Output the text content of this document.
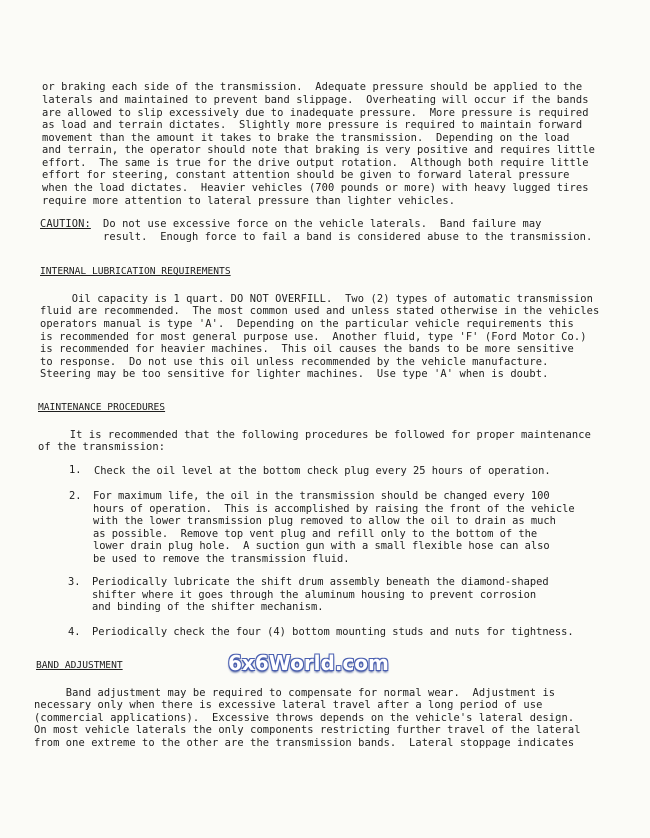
or braking each side of the transmission.  Adequate pressure should be applied to the
laterals and maintained to prevent band slippage.  Overheating will occur if the bands
are allowed to slip excessively due to inadequate pressure.  More pressure is required
as load and terrain dictates.  Slightly more pressure is required to maintain forward
movement than the amount it takes to brake the transmission.  Depending on the load
and terrain, the operator should note that braking is very positive and requires little
effort.  The same is true for the drive output rotation.  Although both require little
effort for steering, constant attention should be given to forward lateral pressure
when the load dictates.  Heavier vehicles (700 pounds or more) with heavy lugged tires
require more attention to lateral pressure than lighter vehicles.
CAUTION: Do not use excessive force on the vehicle laterals.  Band failure may
result.  Enough force to fail a band is considered abuse to the transmission.
INTERNAL LUBRICATION REQUIREMENTS
Oil capacity is 1 quart. DO NOT OVERFILL.  Two (2) types of automatic transmission
fluid are recommended.  The most common used and unless stated otherwise in the vehicles
operators manual is type 'A'.  Depending on the particular vehicle requirements this
is recommended for most general purpose use.  Another fluid, type 'F' (Ford Motor Co.)
is recommended for heavier machines.  This oil causes the bands to be more sensitive
to response.  Do not use this oil unless recommended by the vehicle manufacture.
Steering may be too sensitive for lighter machines.  Use type 'A' when is doubt.
MAINTENANCE PROCEDURES
It is recommended that the following procedures be followed for proper maintenance
of the transmission:
1. Check the oil level at the bottom check plug every 25 hours of operation.
2. For maximum life, the oil in the transmission should be changed every 100
hours of operation.  This is accomplished by raising the front of the vehicle
with the lower transmission plug removed to allow the oil to drain as much
as possible.  Remove top vent plug and refill only to the bottom of the
lower drain plug hole.  A suction gun with a small flexible hose can also
be used to remove the transmission fluid.
3. Periodically lubricate the shift drum assembly beneath the diamond-shaped
shifter where it goes through the aluminum housing to prevent corrosion
and binding of the shifter mechanism.
4. Periodically check the four (4) bottom mounting studs and nuts for tightness.
6x6World.com
BAND ADJUSTMENT
Band adjustment may be required to compensate for normal wear.  Adjustment is
necessary only when there is excessive lateral travel after a long period of use
(commercial applications).  Excessive throws depends on the vehicle's lateral design.
On most vehicle laterals the only components restricting further travel of the lateral
from one extreme to the other are the transmission bands.  Lateral stoppage indicates
